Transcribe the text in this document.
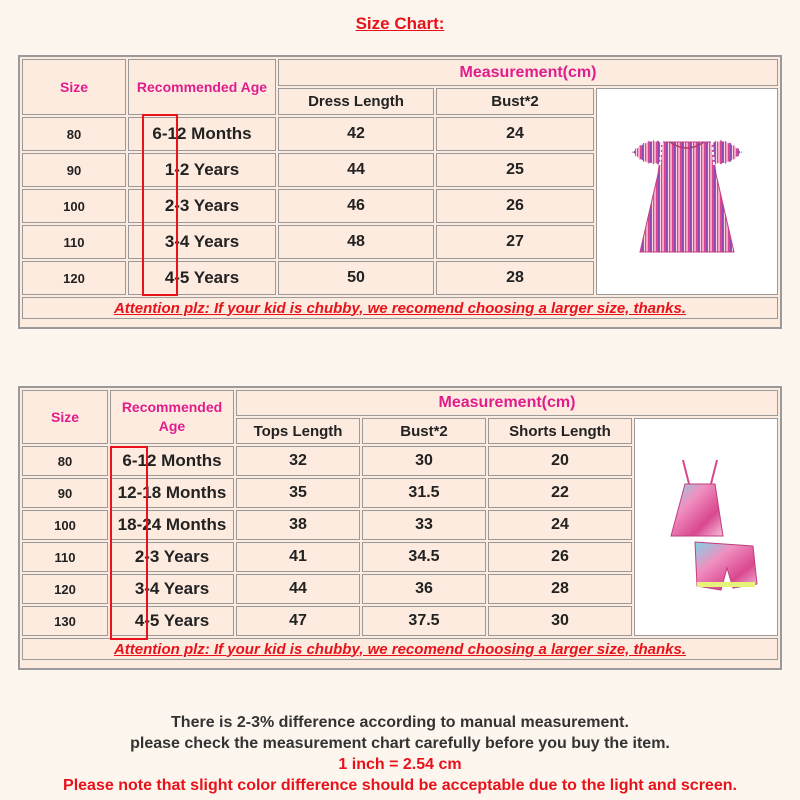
Size Chart:
Size	Recommended Age	Measurement(cm)		
		Dress Length	Bust*2	
80	6-12 Months	42	24	
90	1-2 Years	44	25	
100	2-3 Years	46	26	
110	3-4 Years	48	27	
120	4-5 Years	50	28	
Attention plz: If your kid is chubby, we recomend choosing a larger size, thanks.				
Size	Recommended Age	Measurement(cm)			
		Tops Length	Bust*2	Shorts Length	
80	6-12 Months	32	30	20	
90	12-18 Months	35	31.5	22	
100	18-24 Months	38	33	24	
110	2-3 Years	41	34.5	26	
120	3-4 Years	44	36	28	
130	4-5 Years	47	37.5	30	
Attention plz: If your kid is chubby, we recomend choosing a larger size, thanks.					
There is 2-3% difference according to manual measurement.
please check the measurement chart carefully before you buy the item.
1 inch = 2.54 cm
Please note that slight color difference should be acceptable due to the light and screen.
